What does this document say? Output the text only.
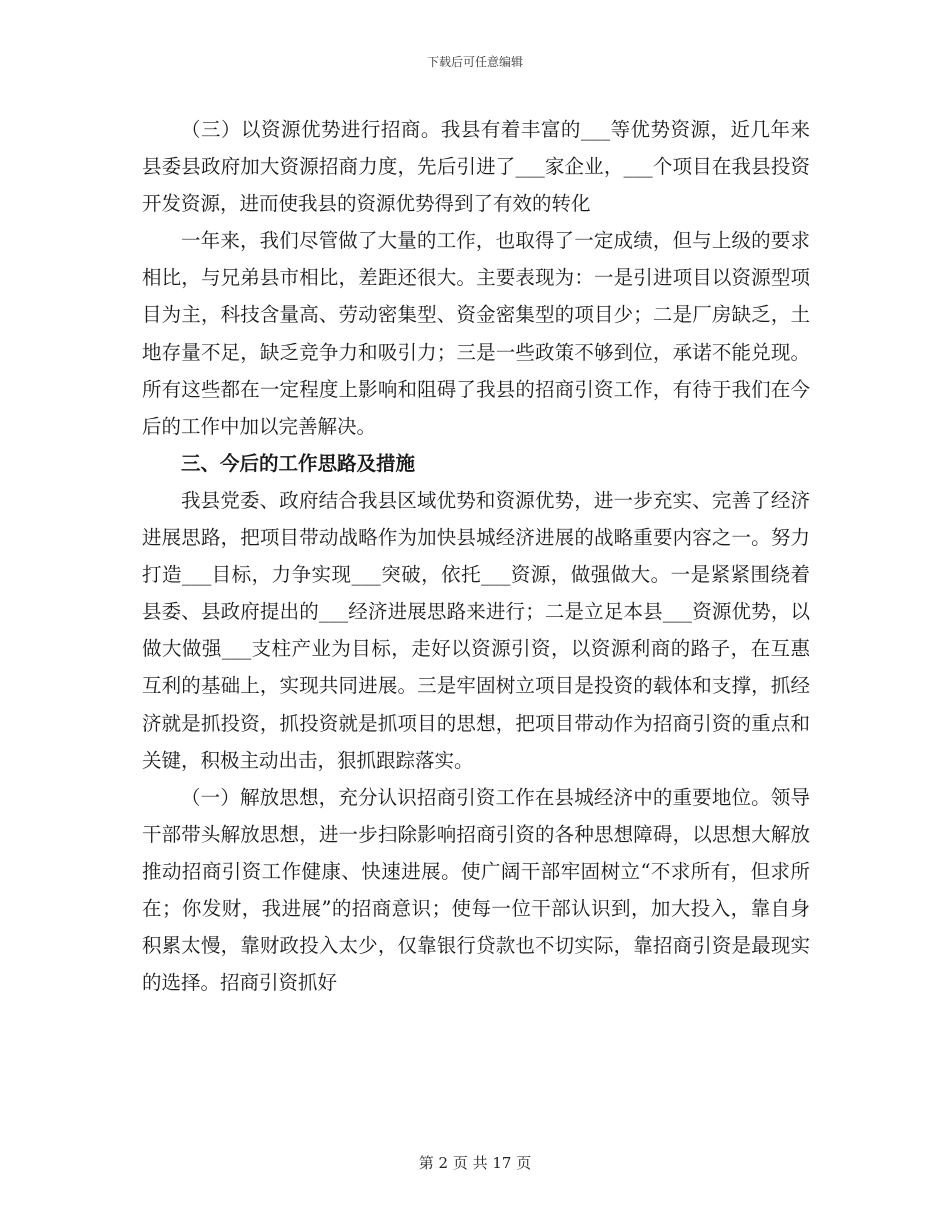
下载后可任意编辑

（三）以资源优势进行招商。我县有着丰富的___等优势资源，近几年来县委县政府加大资源招商力度，先后引进了___家企业，___个项目在我县投资开发资源，进而使我县的资源优势得到了有效的转化

一年来，我们尽管做了大量的工作，也取得了一定成绩，但与上级的要求相比，与兄弟县市相比，差距还很大。主要表现为：一是引进项目以资源型项目为主，科技含量高、劳动密集型、资金密集型的项目少；二是厂房缺乏，土地存量不足，缺乏竞争力和吸引力；三是一些政策不够到位，承诺不能兑现。所有这些都在一定程度上影响和阻碍了我县的招商引资工作，有待于我们在今后的工作中加以完善解决。

三、今后的工作思路及措施

我县党委、政府结合我县区域优势和资源优势，进一步充实、完善了经济进展思路，把项目带动战略作为加快县城经济进展的战略重要内容之一。努力打造___目标，力争实现___突破，依托___资源，做强做大。一是紧紧围绕着县委、县政府提出的___经济进展思路来进行；二是立足本县___资源优势，以做大做强___支柱产业为目标，走好以资源引资，以资源利商的路子，在互惠互利的基础上，实现共同进展。三是牢固树立项目是投资的载体和支撑，抓经济就是抓投资，抓投资就是抓项目的思想，把项目带动作为招商引资的重点和关键，积极主动出击，狠抓跟踪落实。

（一）解放思想，充分认识招商引资工作在县城经济中的重要地位。领导干部带头解放思想，进一步扫除影响招商引资的各种思想障碍，以思想大解放推动招商引资工作健康、快速进展。使广阔干部牢固树立“不求所有，但求所在；你发财，我进展”的招商意识；使每一位干部认识到，加大投入，靠自身积累太慢，靠财政投入太少，仅靠银行贷款也不切实际，靠招商引资是最现实的选择。招商引资抓好

第 2 页 共 17 页
